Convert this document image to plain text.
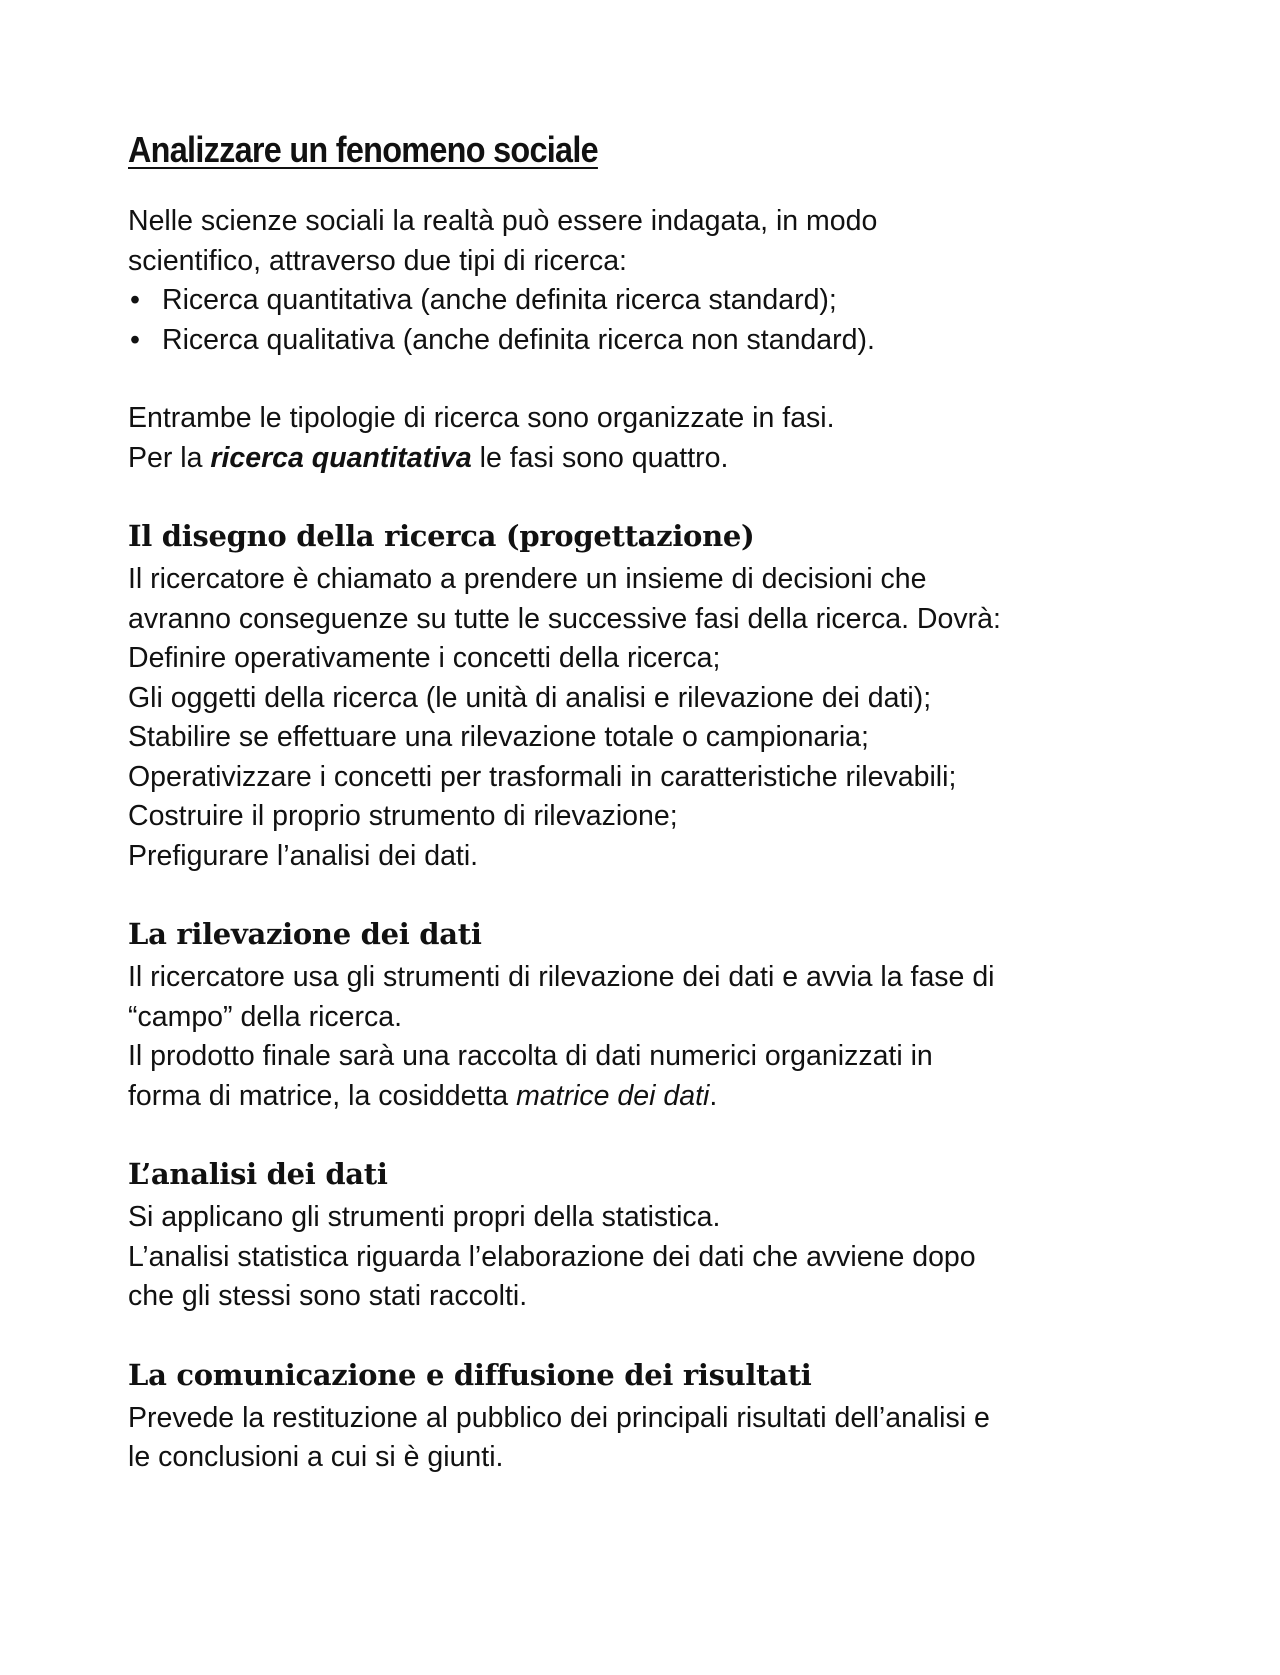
Analizzare un fenomeno sociale

Nelle scienze sociali la realtà può essere indagata, in modo

scientifico, attraverso due tipi di ricerca:

• Ricerca quantitativa (anche definita ricerca standard);
• Ricerca qualitativa (anche definita ricerca non standard).

Entrambe le tipologie di ricerca sono organizzate in fasi.

Per la ricerca quantitativa le fasi sono quattro.

Il disegno della ricerca (progettazione)

Il ricercatore è chiamato a prendere un insieme di decisioni che

avranno conseguenze su tutte le successive fasi della ricerca. Dovrà:

Definire operativamente i concetti della ricerca;

Gli oggetti della ricerca (le unità di analisi e rilevazione dei dati);

Stabilire se effettuare una rilevazione totale o campionaria;

Operativizzare i concetti per trasformali in caratteristiche rilevabili;

Costruire il proprio strumento di rilevazione;

Prefigurare l’analisi dei dati.

La rilevazione dei dati

Il ricercatore usa gli strumenti di rilevazione dei dati e avvia la fase di

“campo” della ricerca.

Il prodotto finale sarà una raccolta di dati numerici organizzati in

forma di matrice, la cosiddetta matrice dei dati.

L’analisi dei dati

Si applicano gli strumenti propri della statistica.

L’analisi statistica riguarda l’elaborazione dei dati che avviene dopo

che gli stessi sono stati raccolti.

La comunicazione e diffusione dei risultati

Prevede la restituzione al pubblico dei principali risultati dell’analisi e

le conclusioni a cui si è giunti.
